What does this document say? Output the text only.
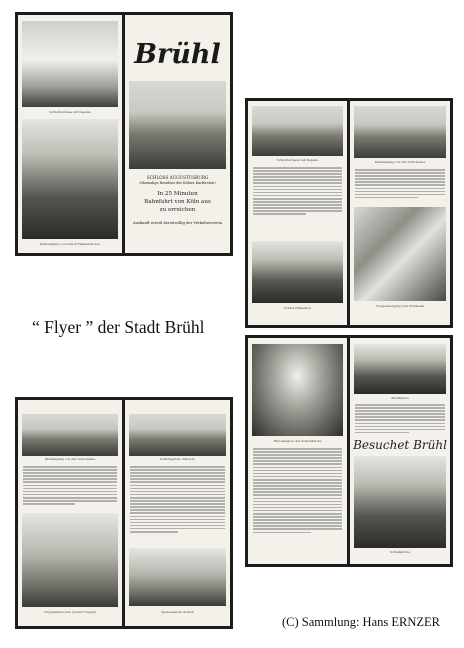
Schloßterrasse mit Kapelle
Parkeingang von Schloß Falkenlust aus
Brühl
SCHLOSS AUGUSTUSBURG
(ehemalige Residenz der Kölner Kurfürsten)
In 25 Minuten
Bahnfahrt von Köln aus
zu erreichen
Auskunft erteilt bereitwillig der Verkehrsverein
Schloßterrasse mit Kapelle
Schloß Falkenlust
Parkaufgang von der Schloßseite
Treppenaufgang zum Prunksaal
Parkaufgang von der Schloßseite
Treppenhaus zum großen Treppen
Schloßgarten, Parterre
Speisesaal im Schloß
Barocksaal in der Schloßkirche
Musiksalon
Besuchet Brühl
Schloßkirche
“ Flyer ” der Stadt Brühl
(C) Sammlung: Hans ERNZER
